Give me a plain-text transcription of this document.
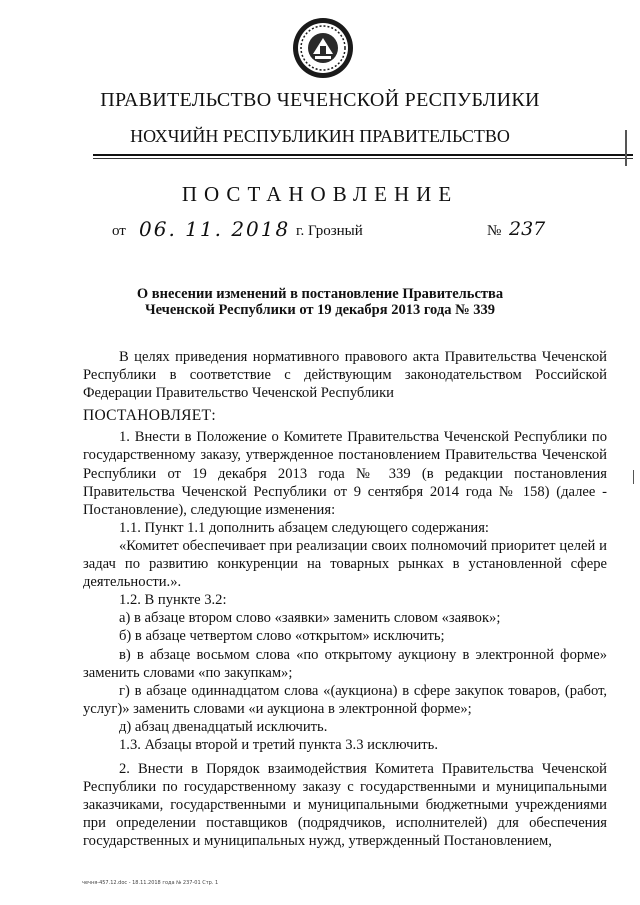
ПРАВИТЕЛЬСТВО ЧЕЧЕНСКОЙ РЕСПУБЛИКИ
НОХЧИЙН РЕСПУБЛИКИН ПРАВИТЕЛЬСТВО
ПОСТАНОВЛЕНИЕ
от 06. 11. 2018 г. Грозный	№ 237
О внесении изменений в постановление Правительства
Чеченской Республики от 19 декабря 2013 года № 339

В целях приведения нормативного правового акта Правительства Чеченской Республики в соответствие с действующим законодательством Российской Федерации Правительство Чеченской Республики

ПОСТАНОВЛЯЕТ:

1. Внести в Положение о Комитете Правительства Чеченской Республики по государственному заказу, утвержденное постановлением Правительства Чеченской Республики от 19 декабря 2013 года № 339 (в редакции постановления Правительства Чеченской Республики от 9 сентября 2014 года № 158) (далее - Постановление), следующие изменения:

1.1. Пункт 1.1 дополнить абзацем следующего содержания:

«Комитет обеспечивает при реализации своих полномочий приоритет целей и задач по развитию конкуренции на товарных рынках в установленной сфере деятельности.».

1.2. В пункте 3.2:

а) в абзаце втором слово «заявки» заменить словом «заявок»;

б) в абзаце четвертом слово «открытом» исключить;

в) в абзаце восьмом слова «по открытому аукциону в электронной форме» заменить словами «по закупкам»;

г) в абзаце одиннадцатом слова «(аукциона) в сфере закупок товаров, (работ, услуг)» заменить словами «и аукциона в электронной форме»;

д) абзац двенадцатый исключить.

1.3. Абзацы второй и третий пункта 3.3 исключить.

2. Внести в Порядок взаимодействия Комитета Правительства Чеченской Республики по государственному заказу с государственными и муниципальными заказчиками, государственными и муниципальными бюджетными учреждениями при определении поставщиков (подрядчиков, исполнителей) для обеспечения государственных и муниципальных нужд, утвержденный Постановлением,

чечня-457.12.doc - 18.11.2018 года № 237-01 Стр. 1
